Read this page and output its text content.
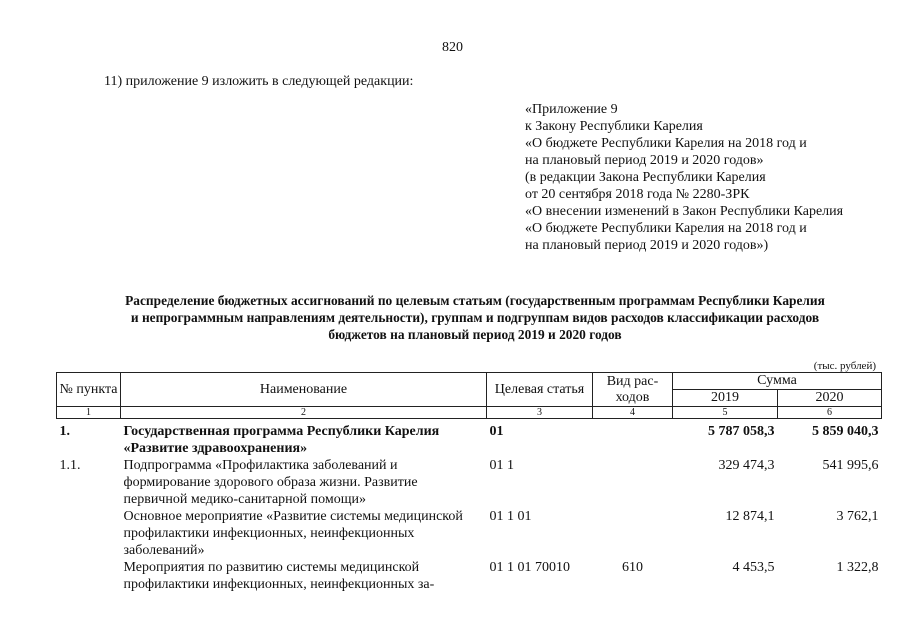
820
11) приложение 9 изложить в следующей редакции:
«Приложение 9
к Закону Республики Карелия
«О бюджете Республики Карелия на 2018 год и
на плановый период 2019 и 2020 годов»
(в редакции Закона Республики Карелия
от 20 сентября 2018 года № 2280-ЗРК
«О внесении изменений в Закон Республики Карелия
«О бюджете Республики Карелия на 2018 год и
на плановый период 2019 и 2020 годов»)
Распределение бюджетных ассигнований по целевым статьям (государственным программам Республики Карелия
и непрограммным направлениям деятельности), группам и подгруппам видов расходов классификации расходов
бюджетов на плановый период 2019 и 2020 годов
(тыс. рублей)
№ пункта	Наименование	Целевая статья	Вид рас- ходов	Сумма	
				2019	2020
1	2	3	4	5	6
1.	Государственная программа Республики Карелия «Развитие здравоохранения»	01		5 787 058,3	5 859 040,3
1.1.	Подпрограмма «Профилактика заболеваний и формирование здорового образа жизни. Развитие первичной медико-санитарной помощи»	01 1		329 474,3	541 995,6
	Основное мероприятие «Развитие системы медицинской профилактики инфекционных, неинфекционных заболеваний»	01 1 01		12 874,1	3 762,1
	Мероприятия по развитию системы медицинской профилактики инфекционных, неинфекционных за-	01 1 01 70010	610	4 453,5	1 322,8
